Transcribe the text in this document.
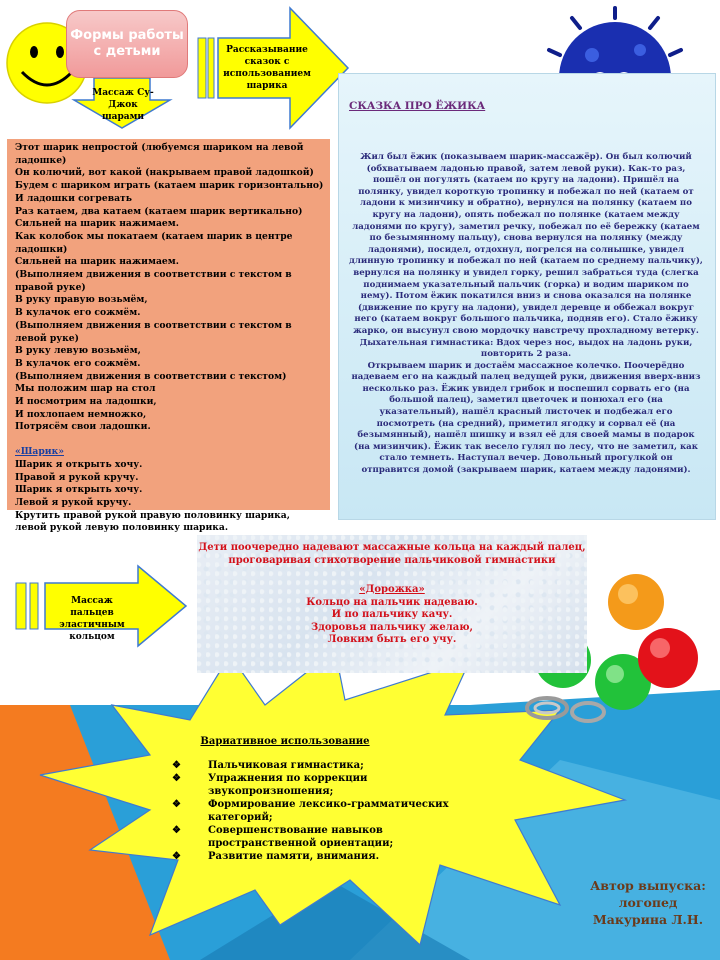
Формы работы с детьми	Рассказывание сказок с использованием шарика
Массаж Су-Джок шарами
Массаж пальцев эластичным кольцом
Этот шарик непростой (любуемся шариком на левой ладошке)
Он колючий, вот какой (накрываем правой ладошкой)
Будем с шариком играть (катаем шарик горизонтально)
И ладошки согревать
Раз катаем, два катаем (катаем шарик вертикально)
Сильней на шарик нажимаем.
Как колобок мы покатаем (катаем шарик в центре ладошки)
Сильней на шарик нажимаем.
(Выполняем движения в соответствии с текстом в правой руке)
В руку правую возьмём,
В кулачок его сожмём.
(Выполняем движения в соответствии с текстом в левой руке)
В руку левую возьмём,
В кулачок его сожмём.
(Выполняем движения в соответствии с текстом)
Мы положим шар на стол
И посмотрим на ладошки,
И похлопаем немножко,
Потрясём свои ладошки.
«Шарик»
Шарик я открыть хочу.
Правой я рукой кручу.
Шарик я открыть хочу.
Левой я рукой кручу.
Крутить правой рукой правую половинку шарика, левой рукой левую половинку шарика.
СКАЗКА ПРО ЁЖИКА
Жил был ёжик (показываем шарик-массажёр). Он был колючий (обхватываем ладонью правой, затем левой руки). Как-то раз, пошёл он погулять (катаем по кругу на ладони). Пришёл на полянку, увидел короткую тропинку и побежал по ней (катаем от ладони к мизинчику и обратно), вернулся на полянку (катаем по кругу на ладони), опять побежал по полянке (катаем между ладонями по кругу), заметил речку, побежал по её бережку (катаем по безымянному пальцу), снова вернулся на полянку (между ладонями), посидел, отдохнул, погрелся на солнышке, увидел длинную тропинку и побежал по ней (катаем по среднему пальчику), вернулся на полянку и увидел горку, решил забраться туда (слегка поднимаем указательный пальчик (горка) и водим шариком по нему). Потом ёжик покатился вниз и снова оказался на полянке (движение по кругу на ладони), увидел деревце и оббежал вокруг него (катаем вокруг большого пальчика, подняв его). Стало ёжику жарко, он высунул свою мордочку навстречу прохладному ветерку.
Дыхательная гимнастика: Вдох через нос, выдох на ладонь руки, повторить 2 раза.
Открываем шарик и достаём массажное колечко. Поочерёдно надеваем его на каждый палец ведущей руки, движения вверх-вниз несколько раз. Ёжик увидел грибок и поспешил сорвать его (на большой палец), заметил цветочек и понюхал его (на указательный), нашёл красный листочек и подбежал его посмотреть (на средний), приметил ягодку и сорвал её (на безымянный), нашёл шишку и взял её для своей мамы в подарок (на мизинчик). Ёжик так весело гулял по лесу, что не заметил, как стало темнеть. Наступал вечер. Довольный прогулкой он отправится домой (закрываем шарик, катаем между ладонями).
Дети поочередно надевают массажные кольца на каждый палец, проговаривая стихотворение пальчиковой гимнастики
«Дорожка»
Кольцо на пальчик надеваю.
И по пальчику качу.
Здоровья пальчику желаю,
Ловким быть его учу.
Вариативное использование
❖	Пальчиковая гимнастика;
❖	Упражнения по коррекции звукопроизношения;
❖	Формирование лексико-грамматических категорий;
❖	Совершенствование навыков пространственной ориентации;
❖	Развитие памяти, внимания.
Автор выпуска:
логопед
Макурина Л.Н.
